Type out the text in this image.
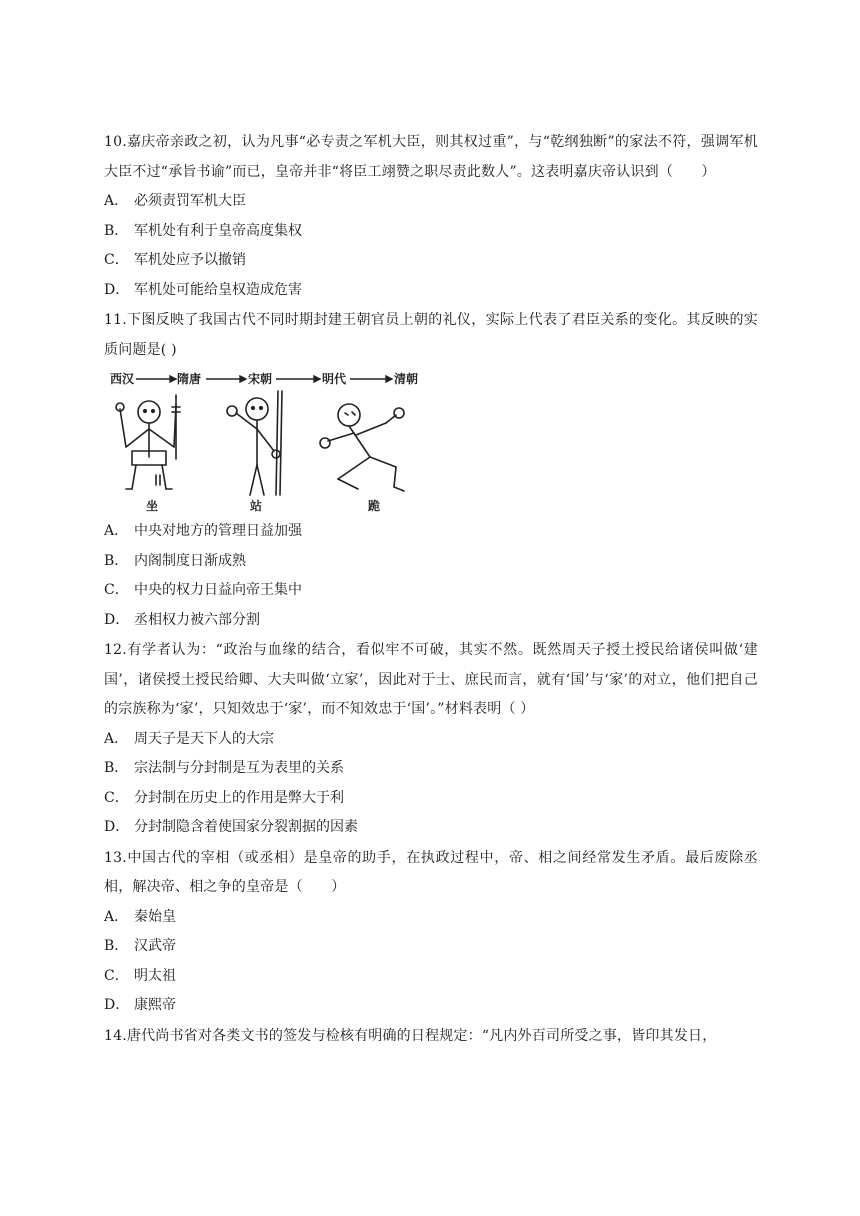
10.嘉庆帝亲政之初，认为凡事“必专责之军机大臣，则其权过重”，与“乾纲独断”的家法不符，强调军机大臣不过“承旨书谕”而已，皇帝并非“将臣工翊赞之职尽责此数人”。这表明嘉庆帝认识到（　　）

A． 必须责罚军机大臣
B． 军机处有利于皇帝高度集权
C． 军机处应予以撤销
D． 军机处可能给皇权造成危害

11.下图反映了我国古代不同时期封建王朝官员上朝的礼仪，实际上代表了君臣关系的变化。其反映的实质问题是( )

西汉	隋唐	宋朝	明代	清朝
坐	站	跪
A． 中央对地方的管理日益加强
B． 内阁制度日渐成熟
C． 中央的权力日益向帝王集中
D． 丞相权力被六部分割

12.有学者认为：“政治与血缘的结合，看似牢不可破，其实不然。既然周天子授土授民给诸侯叫做‘建国’，诸侯授土授民给卿、大夫叫做‘立家’，因此对于士、庶民而言，就有‘国’与‘家’的对立，他们把自己的宗族称为‘家’，只知效忠于‘家’，而不知效忠于‘国’。”材料表明（ ）

A． 周天子是天下人的大宗
B． 宗法制与分封制是互为表里的关系
C． 分封制在历史上的作用是弊大于利
D． 分封制隐含着使国家分裂割据的因素

13.中国古代的宰相（或丞相）是皇帝的助手，在执政过程中，帝、相之间经常发生矛盾。最后废除丞相，解决帝、相之争的皇帝是（　　）

A． 秦始皇
B． 汉武帝
C． 明太祖
D． 康熙帝

14.唐代尚书省对各类文书的签发与检核有明确的日程规定：“凡内外百司所受之事，皆印其发日，
